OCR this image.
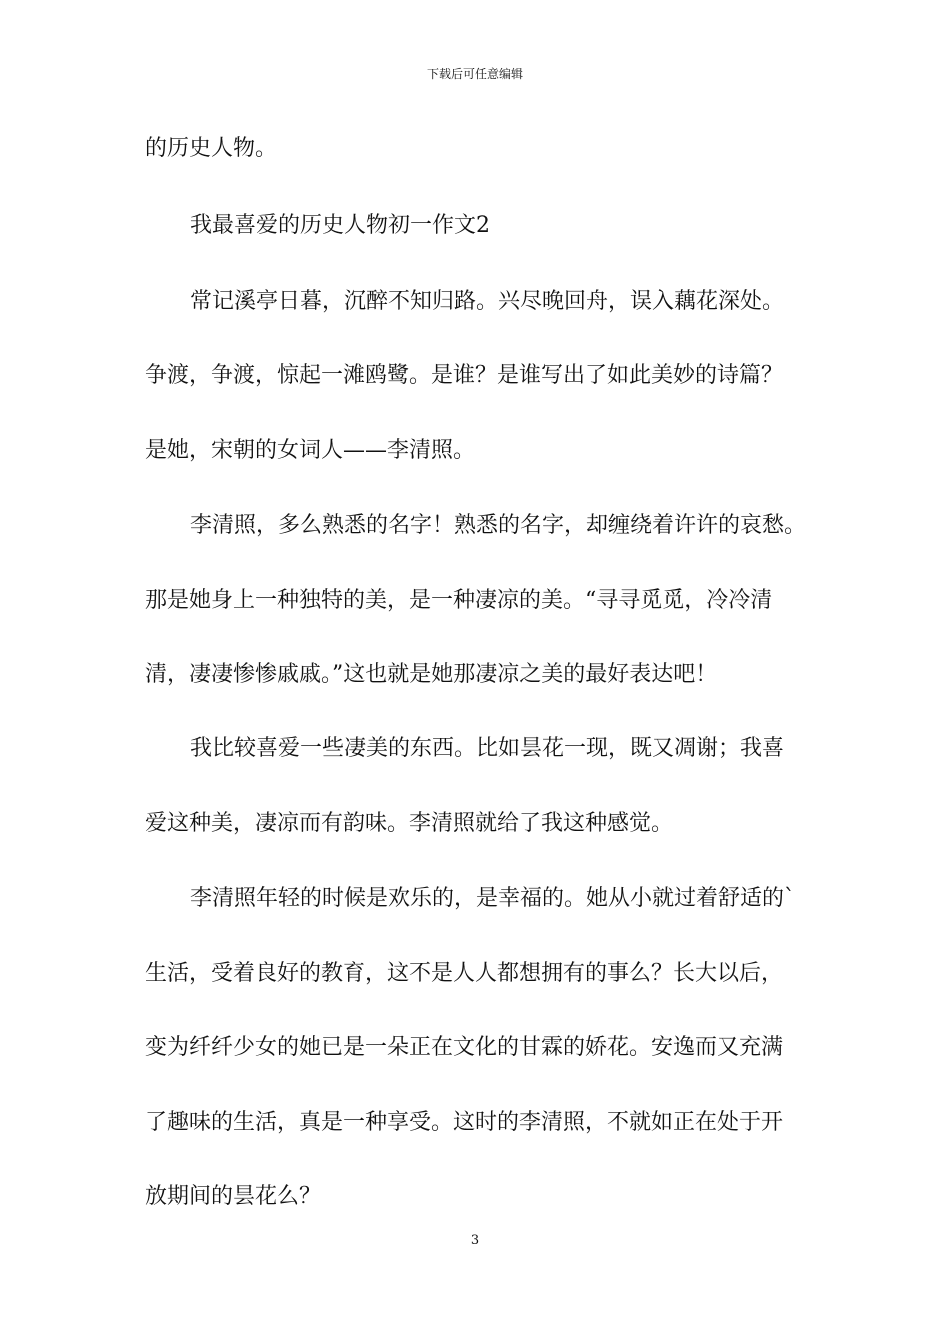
下载后可任意编辑
的历史人物。
我最喜爱的历史人物初一作文2
常记溪亭日暮，沉醉不知归路。兴尽晚回舟，误入藕花深处。
争渡，争渡，惊起一滩鸥鹭。是谁？是谁写出了如此美妙的诗篇？
是她，宋朝的女词人——李清照。
李清照，多么熟悉的名字！熟悉的名字，却缠绕着许许的哀愁。
那是她身上一种独特的美，是一种凄凉的美。“寻寻觅觅，冷冷清
清，凄凄惨惨戚戚。”这也就是她那凄凉之美的最好表达吧！
我比较喜爱一些凄美的东西。比如昙花一现，既又凋谢；我喜
爱这种美，凄凉而有韵味。李清照就给了我这种感觉。
李清照年轻的时候是欢乐的，是幸福的。她从小就过着舒适的`
生活，受着良好的教育，这不是人人都想拥有的事么？长大以后，
变为纤纤少女的她已是一朵正在文化的甘霖的娇花。安逸而又充满
了趣味的生活，真是一种享受。这时的李清照，不就如正在处于开
放期间的昙花么？
3
